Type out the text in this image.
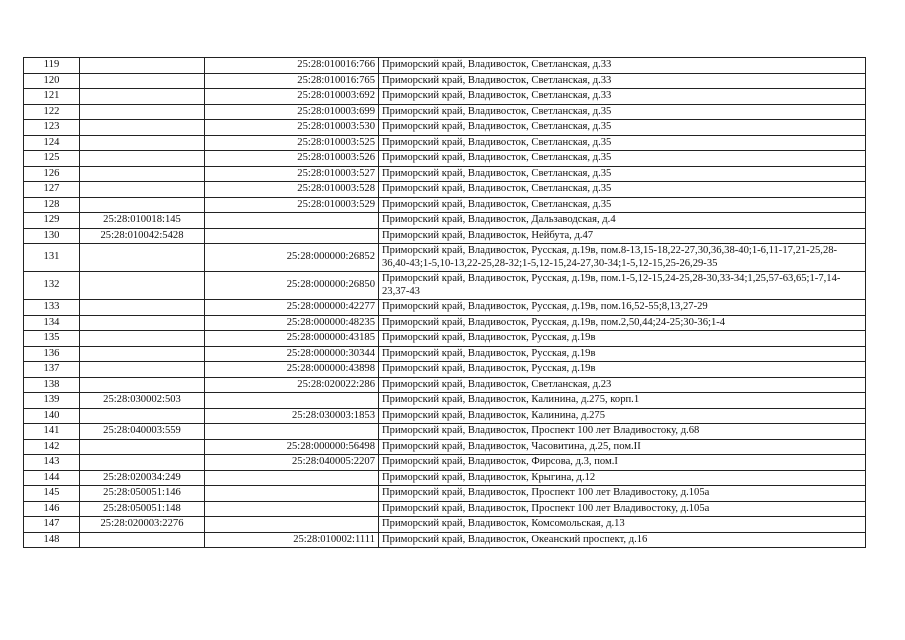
119		25:28:010016:766	Приморский край, Владивосток, Светланская, д.33
120		25:28:010016:765	Приморский край, Владивосток, Светланская, д.33
121		25:28:010003:692	Приморский край, Владивосток, Светланская, д.33
122		25:28:010003:699	Приморский край, Владивосток, Светланская, д.35
123		25:28:010003:530	Приморский край, Владивосток, Светланская, д.35
124		25:28:010003:525	Приморский край, Владивосток, Светланская, д.35
125		25:28:010003:526	Приморский край, Владивосток, Светланская, д.35
126		25:28:010003:527	Приморский край, Владивосток, Светланская, д.35
127		25:28:010003:528	Приморский край, Владивосток, Светланская, д.35
128		25:28:010003:529	Приморский край, Владивосток, Светланская, д.35
129	25:28:010018:145		Приморский край, Владивосток, Дальзаводская, д.4
130	25:28:010042:5428		Приморский край, Владивосток, Нейбута, д.47
131		25:28:000000:26852	Приморский край, Владивосток, Русская, д.19в, пом.8-13,15-18,22-27,30,36,38-40;1-6,11-17,21-25,28-36,40-43;1-5,10-13,22-25,28-32;1-5,12-15,24-27,30-34;1-5,12-15,25-26,29-35
132		25:28:000000:26850	Приморский край, Владивосток, Русская, д.19в, пом.1-5,12-15,24-25,28-30,33-34;1,25,57-63,65;1-7,14-23,37-43
133		25:28:000000:42277	Приморский край, Владивосток, Русская, д.19в, пом.16,52-55;8,13,27-29
134		25:28:000000:48235	Приморский край, Владивосток, Русская, д.19в, пом.2,50,44;24-25;30-36;1-4
135		25:28:000000:43185	Приморский край, Владивосток, Русская, д.19в
136		25:28:000000:30344	Приморский край, Владивосток, Русская, д.19в
137		25:28:000000:43898	Приморский край, Владивосток, Русская, д.19в
138		25:28:020022:286	Приморский край, Владивосток, Светланская, д.23
139	25:28:030002:503		Приморский край, Владивосток, Калинина, д.275, корп.1
140		25:28:030003:1853	Приморский край, Владивосток, Калинина, д.275
141	25:28:040003:559		Приморский край, Владивосток, Проспект 100 лет Владивостоку, д.68
142		25:28:000000:56498	Приморский край, Владивосток, Часовитина, д.25, пом.II
143		25:28:040005:2207	Приморский край, Владивосток, Фирсова, д.3, пом.I
144	25:28:020034:249		Приморский край, Владивосток, Крыгина, д.12
145	25:28:050051:146		Приморский край, Владивосток, Проспект 100 лет Владивостоку, д.105а
146	25:28:050051:148		Приморский край, Владивосток, Проспект 100 лет Владивостоку, д.105а
147	25:28:020003:2276		Приморский край, Владивосток, Комсомольская, д.13
148		25:28:010002:1111	Приморский край, Владивосток, Океанский проспект, д.16
